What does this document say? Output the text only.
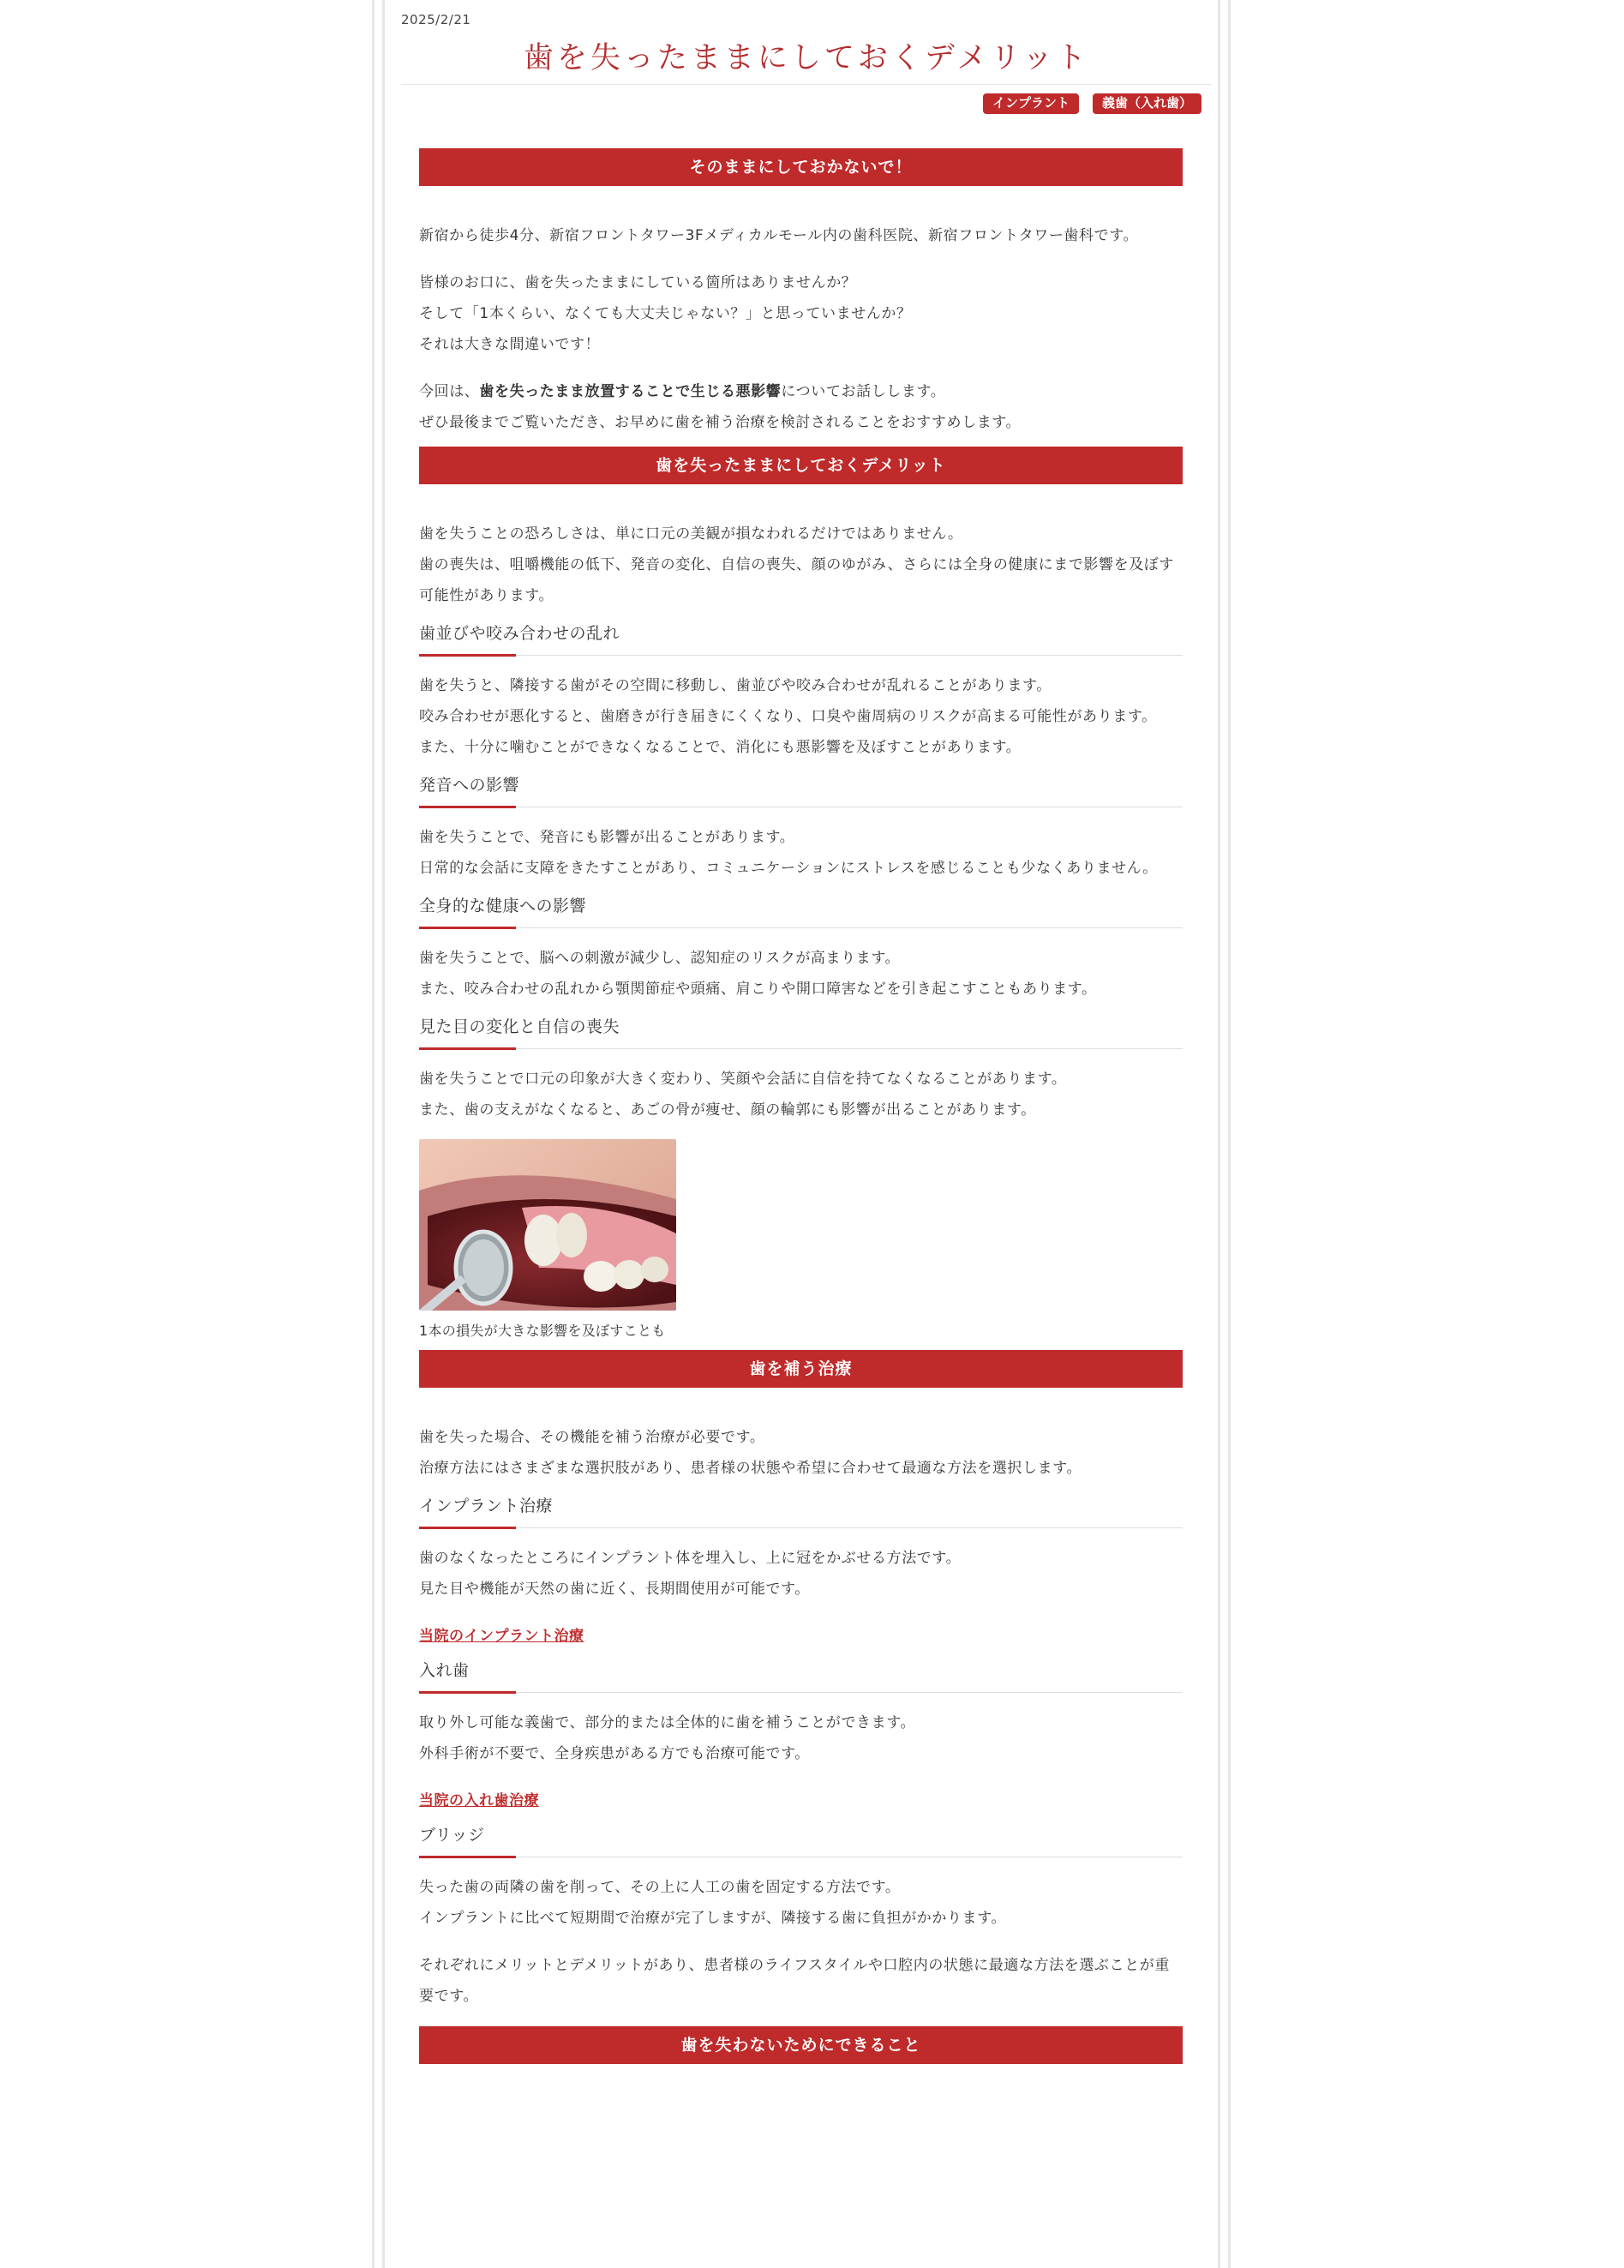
2025/2/21
歯を失ったままにしておくデメリット
インプラント	義歯（入れ歯）
そのままにしておかないで！
新宿から徒歩4分、新宿フロントタワー3Fメディカルモール内の歯科医院、新宿フロントタワー歯科です。
皆様のお口に、歯を失ったままにしている箇所はありませんか？
そして「1本くらい、なくても大丈夫じゃない？」と思っていませんか？
それは大きな間違いです！
今回は、歯を失ったまま放置することで生じる悪影響についてお話しします。
ぜひ最後までご覧いただき、お早めに歯を補う治療を検討されることをおすすめします。
歯を失ったままにしておくデメリット
歯を失うことの恐ろしさは、単に口元の美観が損なわれるだけではありません。
歯の喪失は、咀嚼機能の低下、発音の変化、自信の喪失、顔のゆがみ、さらには全身の健康にまで影響を及ぼす可能性があります。
歯並びや咬み合わせの乱れ
歯を失うと、隣接する歯がその空間に移動し、歯並びや咬み合わせが乱れることがあります。
咬み合わせが悪化すると、歯磨きが行き届きにくくなり、口臭や歯周病のリスクが高まる可能性があります。
また、十分に噛むことができなくなることで、消化にも悪影響を及ぼすことがあります。
発音への影響
歯を失うことで、発音にも影響が出ることがあります。
日常的な会話に支障をきたすことがあり、コミュニケーションにストレスを感じることも少なくありません。
全身的な健康への影響
歯を失うことで、脳への刺激が減少し、認知症のリスクが高まります。
また、咬み合わせの乱れから顎関節症や頭痛、肩こりや開口障害などを引き起こすこともあります。
見た目の変化と自信の喪失
歯を失うことで口元の印象が大きく変わり、笑顔や会話に自信を持てなくなることがあります。
また、歯の支えがなくなると、あごの骨が痩せ、顔の輪郭にも影響が出ることがあります。
1本の損失が大きな影響を及ぼすことも
歯を補う治療
歯を失った場合、その機能を補う治療が必要です。
治療方法にはさまざまな選択肢があり、患者様の状態や希望に合わせて最適な方法を選択します。
インプラント治療
歯のなくなったところにインプラント体を埋入し、上に冠をかぶせる方法です。
見た目や機能が天然の歯に近く、長期間使用が可能です。
当院のインプラント治療
入れ歯
取り外し可能な義歯で、部分的または全体的に歯を補うことができます。
外科手術が不要で、全身疾患がある方でも治療可能です。
当院の入れ歯治療
ブリッジ
失った歯の両隣の歯を削って、その上に人工の歯を固定する方法です。
インプラントに比べて短期間で治療が完了しますが、隣接する歯に負担がかかります。
それぞれにメリットとデメリットがあり、患者様のライフスタイルや口腔内の状態に最適な方法を選ぶことが重要です。
歯を失わないためにできること
